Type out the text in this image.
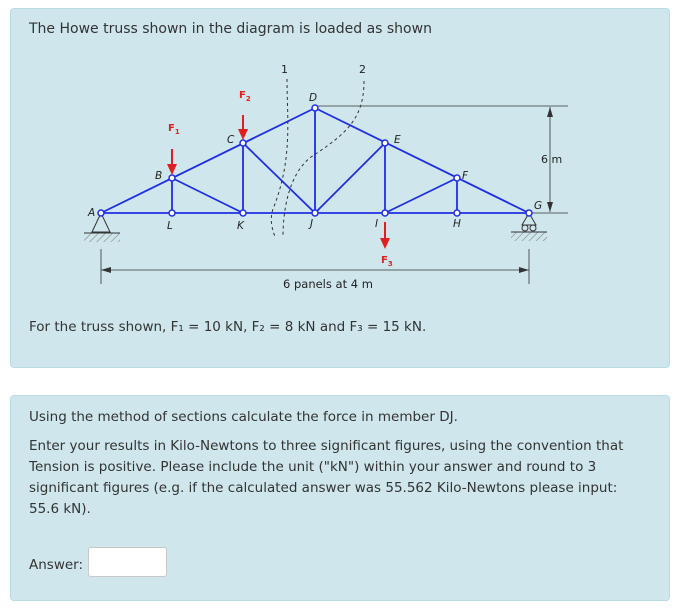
The Howe truss shown in the diagram is loaded as shown
$F_1$
$F_2$
$F_3$
1	2
A
B
C
D
E
F
G
H
I
J
K
L
6 m
6 panels at 4 m
For the truss shown, F₁ = 10 kN, F₂ = 8 kN and F₃ = 15 kN.
Using the method of sections calculate the force in member DJ.
Enter your results in Kilo-Newtons to three significant figures, using the convention that Tension is positive. Please include the unit ("kN") within your answer and round to 3 significant figures (e.g. if the calculated answer was 55.562 Kilo-Newtons please input: 55.6 kN).
Answer:
